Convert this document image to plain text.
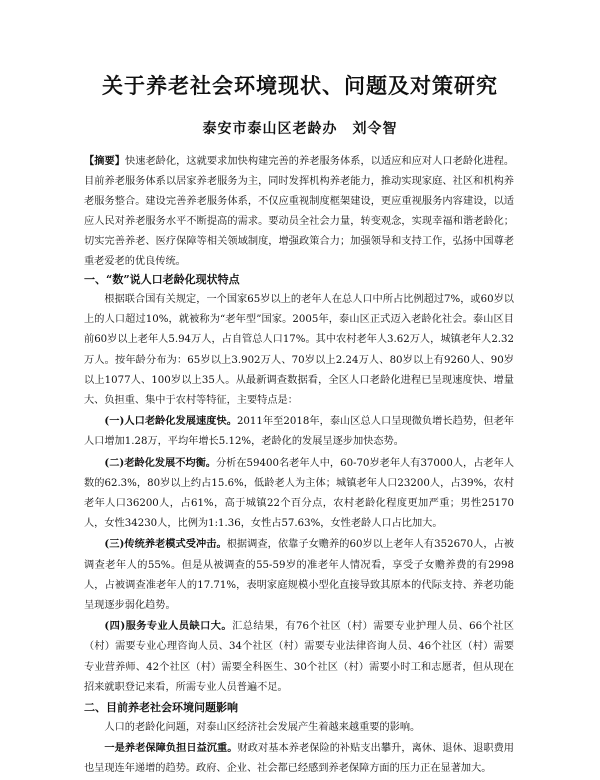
关于养老社会环境现状、问题及对策研究
泰安市泰山区老龄办　刘令智
【摘要】快速老龄化，这就要求加快构建完善的养老服务体系，以适应和应对人口老龄化进程。目前养老服务体系以居家养老服务为主，同时发挥机构养老能力，推动实现家庭、社区和机构养老服务整合。建设完善养老服务体系，不仅应重视制度框架建设，更应重视服务内容建设，以适应人民对养老服务水平不断提高的需求。要动员全社会力量，转变观念，实现幸福和谐老龄化；切实完善养老、医疗保障等相关领域制度，增强政策合力；加强领导和支持工作，弘扬中国尊老重老爱老的优良传统。

一、“数”说人口老龄化现状特点

根据联合国有关规定，一个国家65岁以上的老年人在总人口中所占比例超过7%，或60岁以上的人口超过10%，就被称为“老年型”国家。2005年，泰山区正式迈入老龄化社会。泰山区目前60岁以上老年人5.94万人，占自管总人口17%。其中农村老年人3.62万人，城镇老年人2.32万人。按年龄分布为：65岁以上3.902万人、70岁以上2.24万人、80岁以上有9260人、90岁以上1077人、100岁以上35人。从最新调查数据看，全区人口老龄化进程已呈现速度快、增量大、负担重、集中于农村等特征，主要特点是：

(一)人口老龄化发展速度快。2011年至2018年，泰山区总人口呈现微负增长趋势，但老年人口增加1.28万，平均年增长5.12%，老龄化的发展呈逐步加快态势。

(二)老龄化发展不均衡。分析在59400名老年人中，60-70岁老年人有37000人，占老年人数的62.3%，80岁以上约占15.6%，低龄老人为主体；城镇老年人口23200人，占39%，农村老年人口36200人，占61%，高于城镇22个百分点，农村老龄化程度更加严重；男性25170人，女性34230人，比例为1:1.36，女性占57.63%，女性老龄人口占比加大。

(三)传统养老模式受冲击。根据调查，依靠子女赡养的60岁以上老年人有352670人，占被调查老年人的55%。但是从被调查的55-59岁的准老年人情况看，享受子女赡养费的有2998人，占被调查准老年人的17.71%，表明家庭规模小型化直接导致其原本的代际支持、养老功能呈现逐步弱化趋势。

(四)服务专业人员缺口大。汇总结果，有76个社区（村）需要专业护理人员、66个社区（村）需要专业心理咨询人员、34个社区（村）需要专业法律咨询人员、46个社区（村）需要专业营养师、42个社区（村）需要全科医生、30个社区（村）需要小时工和志愿者，但从现在招来就职登记来看，所需专业人员普遍不足。

二、目前养老社会环境问题影响

人口的老龄化问题，对泰山区经济社会发展产生着越来越重要的影响。

一是养老保障负担日益沉重。财政对基本养老保险的补贴支出攀升，离休、退休、退职费用也呈现连年递增的趋势。政府、企业、社会都已经感到养老保障方面的压力正在显著加大。
